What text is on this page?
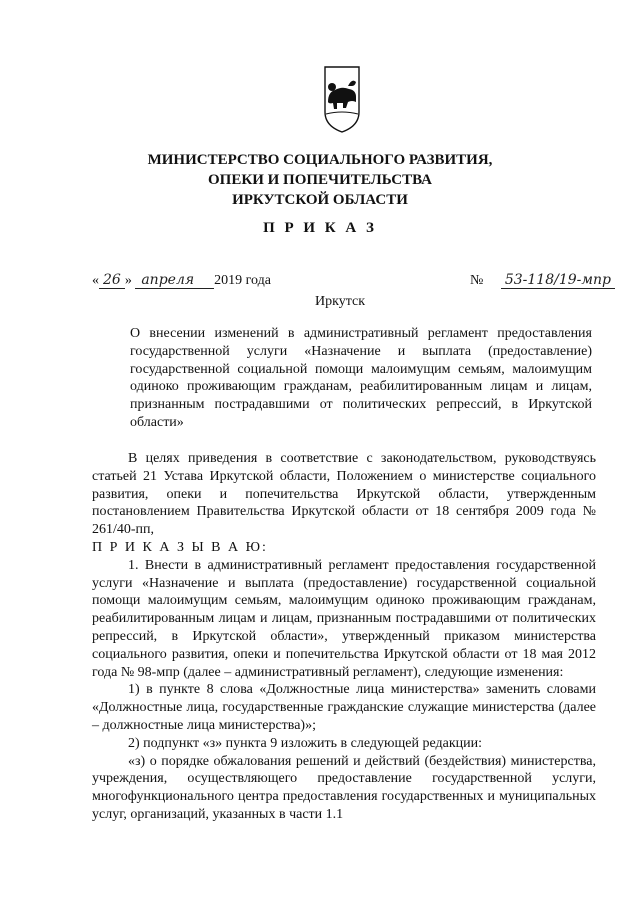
МИНИСТЕРСТВО СОЦИАЛЬНОГО РАЗВИТИЯ,
ОПЕКИ И ПОПЕЧИТЕЛЬСТВА
ИРКУТСКОЙ ОБЛАСТИ
П Р И К А З
« 26 » апреля 2019 года	№ 53-118/19-мпр
Иркутск
О внесении изменений в административный регламент предоставления государственной услуги «Назначение и выплата (предоставление) государственной социальной помощи малоимущим семьям, малоимущим одиноко проживающим гражданам, реабилитированным лицам и лицам, признанным пострадавшими от политических репрессий, в Иркутской области»

В целях приведения в соответствие с законодательством, руководствуясь статьей 21 Устава Иркутской области, Положением о министерстве социального развития, опеки и попечительства Иркутской области, утвержденным постановлением Правительства Иркутской области от 18 сентября 2009 года № 261/40-пп,

П Р И К А З Ы В А Ю:

1. Внести в административный регламент предоставления государственной услуги «Назначение и выплата (предоставление) государственной социальной помощи малоимущим семьям, малоимущим одиноко проживающим гражданам, реабилитированным лицам и лицам, признанным пострадавшими от политических репрессий, в Иркутской области», утвержденный приказом министерства социального развития, опеки и попечительства Иркутской области от 18 мая 2012 года № 98-мпр (далее – административный регламент), следующие изменения:

1) в пункте 8 слова «Должностные лица министерства» заменить словами «Должностные лица, государственные гражданские служащие министерства (далее – должностные лица министерства)»;

2) подпункт «з» пункта 9 изложить в следующей редакции:

«з) о порядке обжалования решений и действий (бездействия) министерства, учреждения, осуществляющего предоставление государственной услуги, многофункционального центра предоставления государственных и муниципальных услуг, организаций, указанных в части 1.1
